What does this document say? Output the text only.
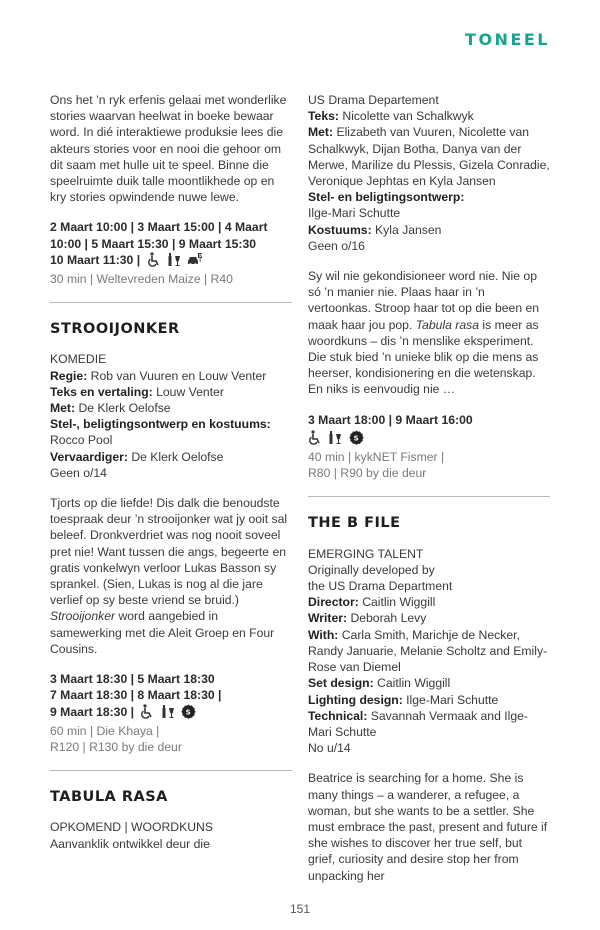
TONEEL

Ons het ’n ryk erfenis gelaai met wonderlike stories waarvan heelwat in boeke bewaar word. In dié interaktiewe produksie lees die akteurs stories voor en nooi die gehoor om dit saam met hulle uit te speel. Binne die speelruimte duik talle moontlikhede op en kry stories opwindende nuwe lewe.

2 Maart 10:00 | 3 Maart 15:00 | 4 Maart

10:00 | 5 Maart 15:30 | 9 Maart 15:30

10 Maart 11:30 |	P

30 min | Weltevreden Maize | R40

STROOIJONKER

KOMEDIE

Regie: Rob van Vuuren en Louw Venter

Teks en vertaling: Louw Venter

Met: De Klerk Oelofse

Stel-, beligtingsontwerp en kostuums: Rocco Pool

Vervaardiger: De Klerk Oelofse

Geen o/14

Tjorts op die liefde! Dis dalk die benoudste toespraak deur ’n strooijonker wat jy ooit sal beleef. Dronkverdriet was nog nooit soveel pret nie! Want tussen die angs, begeerte en gratis vonkelwyn verloor Lukas Basson sy sprankel. (Sien, Lukas is nog al die jare verlief op sy beste vriend se bruid.) Strooijonker word aangebied in samewerking met die Aleit Groep en Four Cousins.

3 Maart 18:30 | 5 Maart 18:30

7 Maart 18:30 | 8 Maart 18:30 |

9 Maart 18:30 |	S

60 min | Die Khaya |

R120 | R130 by die deur

TABULA RASA

OPKOMEND | WOORDKUNS

Aanvanklik ontwikkel deur die

US Drama Departement

Teks: Nicolette van Schalkwyk

Met: Elizabeth van Vuuren, Nicolette van Schalkwyk, Dijan Botha, Danya van der Merwe, Marilize du Plessis, Gizela Conradie, Veronique Jephtas en Kyla Jansen

Stel- en beligtingsontwerp:
Ilge-Mari Schutte

Kostuums: Kyla Jansen

Geen o/16

Sy wil nie gekondisioneer word nie. Nie op só ’n manier nie. Plaas haar in ’n vertoonkas. Stroop haar tot op die been en maak haar jou pop. Tabula rasa is meer as woordkuns – dis ’n menslike eksperiment. Die stuk bied ’n unieke blik op die mens as heerser, kondisionering en die wetenskap. En niks is eenvoudig nie …

3 Maart 18:00 | 9 Maart 16:00

S

40 min | kykNET Fismer |

R80 | R90 by die deur

THE B FILE

EMERGING TALENT

Originally developed by

the US Drama Department

Director: Caitlin Wiggill

Writer: Deborah Levy

With: Carla Smith, Marichje de Necker, Randy Januarie, Melanie Scholtz and Emily-Rose van Diemel

Set design: Caitlin Wiggill

Lighting design: Ilge-Mari Schutte

Technical: Savannah Vermaak and Ilge-Mari Schutte

No u/14

Beatrice is searching for a home. She is many things – a wanderer, a refugee, a woman, but she wants to be a settler. She must embrace the past, present and future if she wishes to discover her true self, but grief, curiosity and desire stop her from unpacking her

151
